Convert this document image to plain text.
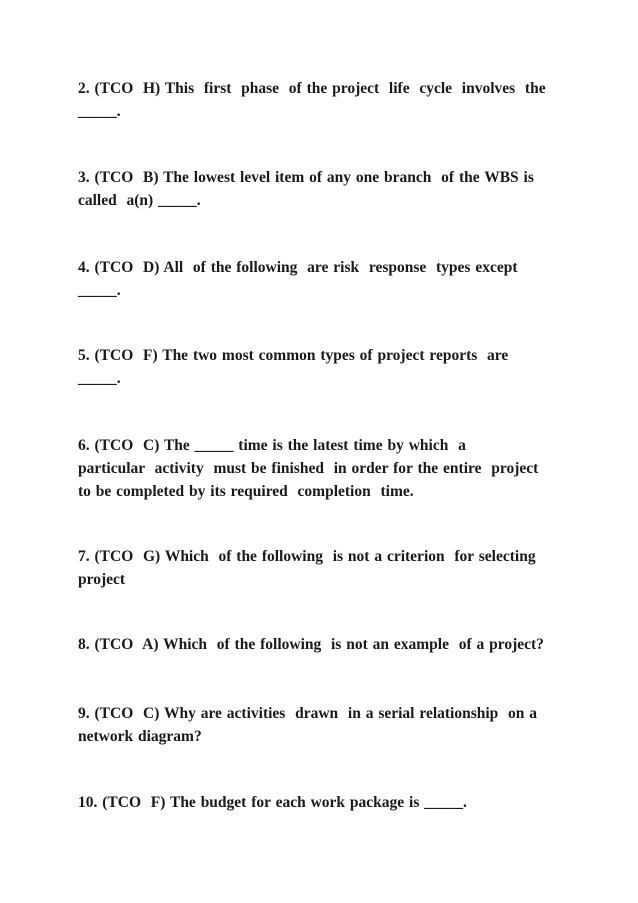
2. (TCO  H) This  first  phase  of the project  life  cycle  involves  the
_____.
3. (TCO  B) The lowest level item of any one branch  of the WBS is
called  a(n) _____.
4. (TCO  D) All  of the following  are risk  response  types except
_____.
5. (TCO  F) The two most common types of project reports  are
_____.
6. (TCO  C) The _____ time is the latest time by which  a
particular  activity  must be finished  in order for the entire  project
to be completed by its required  completion  time.
7. (TCO  G) Which  of the following  is not a criterion  for selecting
project
8. (TCO  A) Which  of the following  is not an example  of a project?
9. (TCO  C) Why are activities  drawn  in a serial relationship  on a
network diagram?
10. (TCO  F) The budget for each work package is _____.
